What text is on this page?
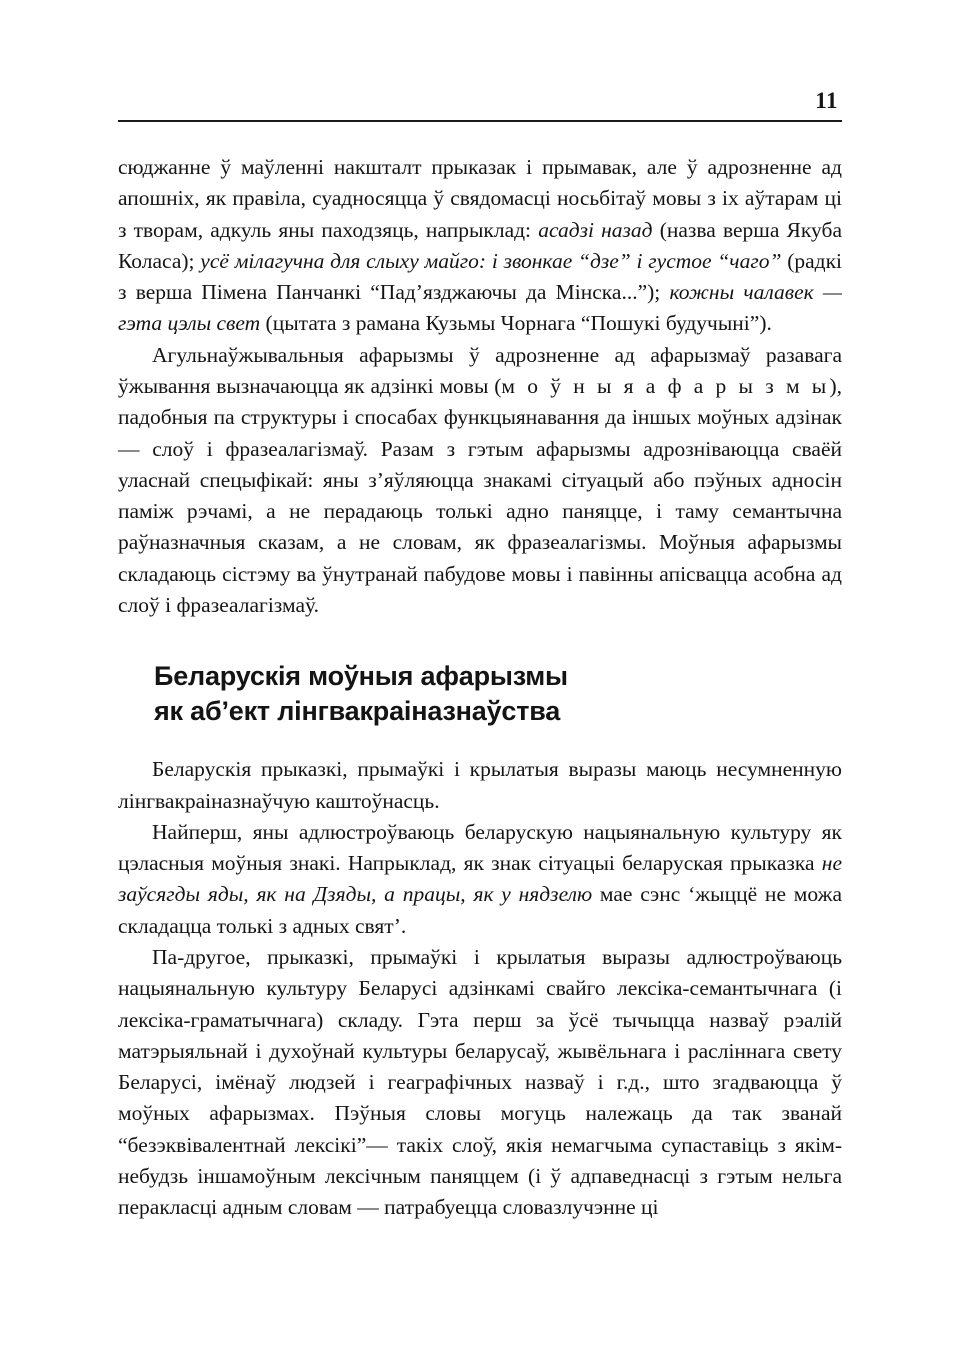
11

сюджанне ў маўленні накшталт прыказак і прымавак, але ў адрозненне ад апошніх, як правіла, суадносяцца ў свядомасці носьбітаў мовы з іх аўтарам ці з творам, адкуль яны паходзяць, напрыклад: асадзі назад (назва верша Якуба Коласа); усё мілагучна для слыху майго: і звонкае “дзе” і густое “чаго” (радкі з верша Пімена Панчанкі “Пад’язджаючы да Мінска...”); кожны чалавек — гэта цэлы свет (цытата з рамана Кузьмы Чорнага “Пошукі будучыні”).

Агульнаўжывальныя афарызмы ў адрозненне ад афарызмаў разавага ўжывання вызначаюцца як адзінкі мовы (м о ў н ы я а ф а р ы з м ы), падобныя па структуры і спосабах функцыянавання да іншых моўных адзінак — слоў і фразеалагізмаў. Разам з гэтым афарызмы адрозніваюцца сваёй уласнай спецыфікай: яны з’яўляюцца знакамі сітуацый або пэўных адносін паміж рэчамі, а не перадаюць толькі адно паняцце, і таму семантычна раўназначныя сказам, а не словам, як фразеалагізмы. Моўныя афарызмы складаюць сістэму ва ўнутранай пабудове мовы і павінны апісвацца асобна ад слоў і фразеалагізмаў.

Беларускія моўныя афарызмы
як аб’ект лінгвакраіназнаўства

Беларускія прыказкі, прымаўкі і крылатыя выразы маюць несумненную лінгвакраіназнаўчую каштоўнасць.

Найперш, яны адлюстроўваюць беларускую нацыянальную культуру як цэласныя моўныя знакі. Напрыклад, як знак сітуацыі беларуская прыказка не заўсягды яды, як на Дзяды, а працы, як у нядзелю мае сэнс ‘жыццё не можа складацца толькі з адных свят’.

Па-другое, прыказкі, прымаўкі і крылатыя выразы адлюстроўваюць нацыянальную культуру Беларусі адзінкамі свайго лексіка-семантычнага (і лексіка-граматычнага) складу. Гэта перш за ўсё тычыцца назваў рэалій матэрыяльнай і духоўнай культуры беларусаў, жывёльнага і расліннага свету Беларусі, імёнаў людзей і геаграфічных назваў і г.д., што згадваюцца ў моўных афарызмах. Пэўныя словы могуць належаць да так званай “безэквівалентнай лексікі”— такіх слоў, якія немагчыма супаставіць з якім-небудзь іншамоўным лексічным паняццем (і ў адпаведнасці з гэтым нельга перакласці адным словам — патрабуецца словазлучэнне ці
